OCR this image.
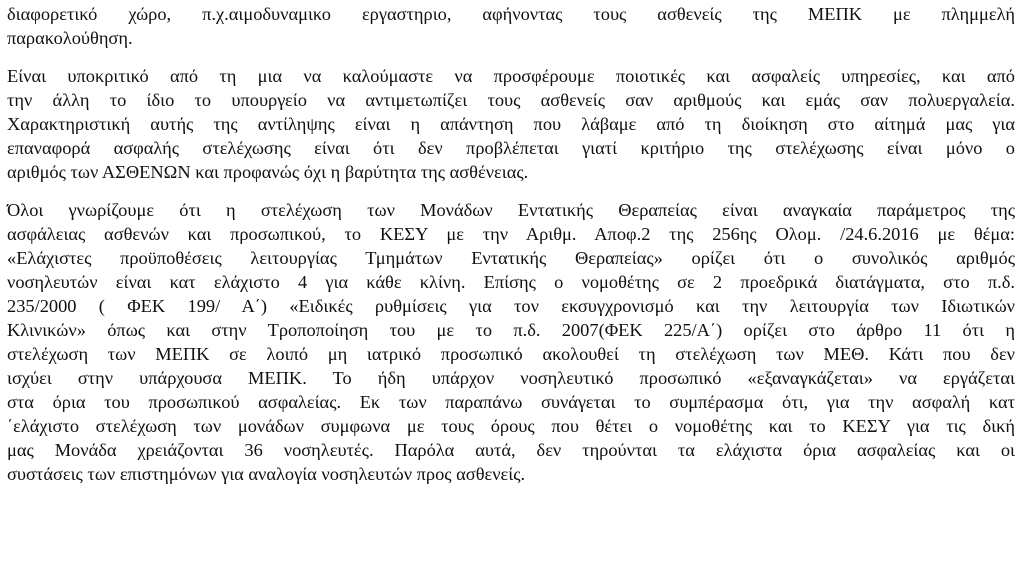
διαφορετικό χώρο, π.χ.αιμοδυναμικο εργαστηριο, αφήνοντας τους ασθενείς της ΜΕΠΚ με πλημμελή
παρακολούθηση.
Είναι υποκριτικό από τη μια να καλούμαστε να προσφέρουμε ποιοτικές και ασφαλείς υπηρεσίες, και από
την άλλη το ίδιο το υπουργείο να αντιμετωπίζει τους ασθενείς σαν αριθμούς και εμάς σαν πολυεργαλεία.
Χαρακτηριστική αυτής της αντίληψης είναι η απάντηση που λάβαμε από τη διοίκηση στο αίτημά μας για
επαναφορά ασφαλής στελέχωσης είναι ότι δεν προβλέπεται γιατί κριτήριο της στελέχωσης είναι μόνο ο
αριθμός των ΑΣΘΕΝΩΝ και προφανώς όχι η βαρύτητα της ασθένειας.
Όλοι γνωρίζουμε ότι η στελέχωση των Μονάδων Εντατικής Θεραπείας είναι αναγκαία παράμετρος της
ασφάλειας ασθενών και προσωπικού, το ΚΕΣΥ με την Αριθμ. Αποφ.2 της 256ης Ολομ. /24.6.2016 με θέμα:
«Ελάχιστες προϋποθέσεις λειτουργίας Τμημάτων Εντατικής Θεραπείας» ορίζει ότι ο συνολικός αριθμός
νοσηλευτών είναι κατ ελάχιστο 4 για κάθε κλίνη. Επίσης ο νομοθέτης σε 2 προεδρικά διατάγματα, στο π.δ.
235/2000 ( ΦΕΚ 199/ Α΄) «Ειδικές ρυθμίσεις για τον εκσυγχρονισμό και την λειτουργία των Ιδιωτικών
Κλινικών» όπως και στην Τροποποίηση του με το π.δ. 2007(ΦΕΚ 225/Α΄) ορίζει στο άρθρο 11 ότι η
στελέχωση των ΜΕΠΚ σε λοιπό μη ιατρικό προσωπικό ακολουθεί τη στελέχωση των ΜΕΘ. Κάτι που δεν
ισχύει στην υπάρχουσα ΜΕΠΚ. Το ήδη υπάρχον νοσηλευτικό προσωπικό «εξαναγκάζεται» να εργάζεται
στα όρια του προσωπικού ασφαλείας. Εκ των παραπάνω συνάγεται το συμπέρασμα ότι, για την ασφαλή κατ
΄ελάχιστο στελέχωση των μονάδων συμφωνα με τους όρους που θέτει ο νομοθέτης και το ΚΕΣΥ για τις δική
μας Μονάδα χρειάζονται 36 νοσηλευτές. Παρόλα αυτά, δεν τηρούνται τα ελάχιστα όρια ασφαλείας και οι
συστάσεις των επιστημόνων για αναλογία νοσηλευτών προς ασθενείς.
